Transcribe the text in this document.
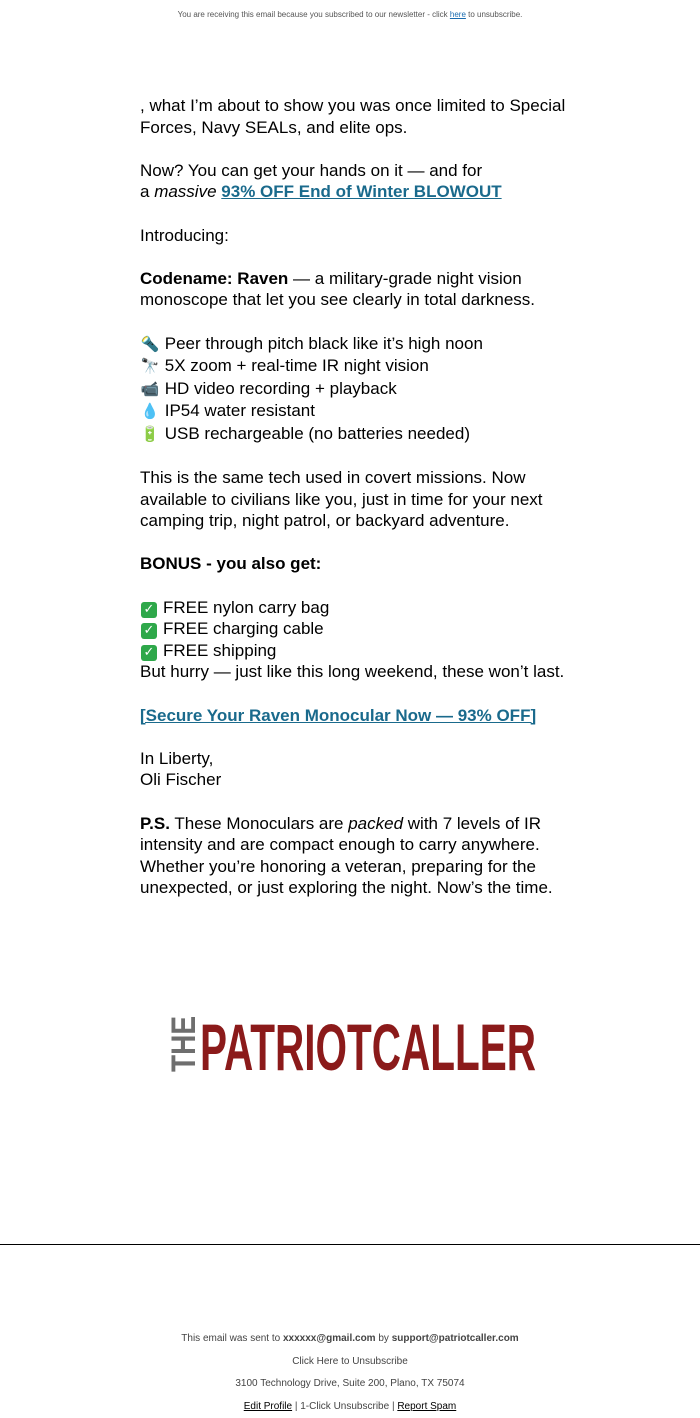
You are receiving this email because you subscribed to our newsletter - click here to unsubscribe.

, what I’m about to show you was once limited to Special Forces, Navy SEALs, and elite ops.

Now? You can get your hands on it — and for
a massive 93% OFF End of Winter BLOWOUT

Introducing:

Codename: Raven — a military-grade night vision monoscope that let you see clearly in total darkness.

🔦 Peer through pitch black like it’s high noon
🔭 5X zoom + real-time IR night vision
📹 HD video recording + playback
💧 IP54 water resistant
🔋 USB rechargeable (no batteries needed)

This is the same tech used in covert missions. Now available to civilians like you, just in time for your next camping trip, night patrol, or backyard adventure.

BONUS - you also get:

✓ FREE nylon carry bag
✓ FREE charging cable
✓ FREE shipping

But hurry — just like this long weekend, these won’t last.

[Secure Your Raven Monocular Now — 93% OFF]

In Liberty,
Oli Fischer

P.S. These Monoculars are packed with 7 levels of IR intensity and are compact enough to carry anywhere. Whether you’re honoring a veteran, preparing for the unexpected, or just exploring the night. Now’s the time.

THE
PATRIOTCALLER
This email was sent to xxxxxx@gmail.com by support@patriotcaller.com
Click Here to Unsubscribe
3100 Technology Drive, Suite 200, Plano, TX 75074
Edit Profile | 1-Click Unsubscribe | Report Spam
